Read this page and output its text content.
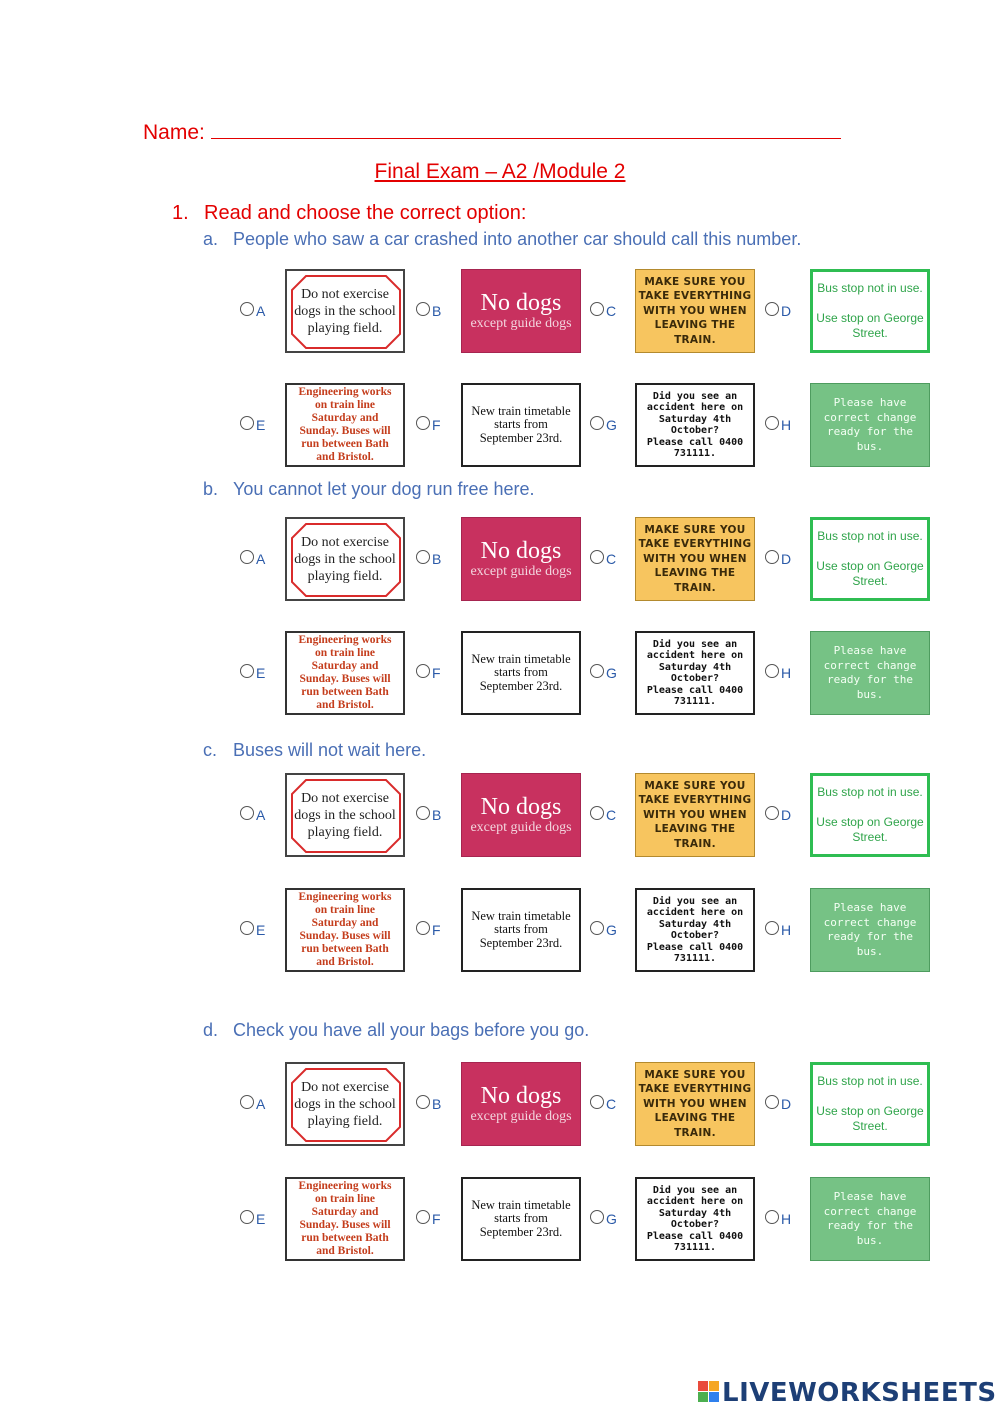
Name:
Final Exam – A2 /Module 2
1. Read and choose the correct option:
a. People who saw a car crashed into another car should call this number.
b. You cannot let your dog run free here.
c. Buses will not wait here.
d. Check you have all your bags before you go.
A
Do not exercise
dogs in the school
playing field.
B No dogs
except guide dogs
C
MAKE SURE YOU
TAKE EVERYTHING
WITH YOU WHEN
LEAVING THE
TRAIN.
D
Bus stop not in use.
Use stop on George
Street.
E
Engineering works
on train line
Saturday and
Sunday. Buses will
run between Bath
and Bristol.
F
New train timetable
starts from
September 23rd.
G
Did you see an
accident here on
Saturday 4th
October?
Please call 0400
731111.
H
Please have
correct change
ready for the bus.
A
Do not exercise
dogs in the school
playing field.
B No dogs
except guide dogs
C
MAKE SURE YOU
TAKE EVERYTHING
WITH YOU WHEN
LEAVING THE
TRAIN.
D
Bus stop not in use.
Use stop on George
Street.
E
Engineering works
on train line
Saturday and
Sunday. Buses will
run between Bath
and Bristol.
F
New train timetable
starts from
September 23rd.
G
Did you see an
accident here on
Saturday 4th
October?
Please call 0400
731111.
H
Please have
correct change
ready for the bus.
A
Do not exercise
dogs in the school
playing field.
B No dogs
except guide dogs
C
MAKE SURE YOU
TAKE EVERYTHING
WITH YOU WHEN
LEAVING THE
TRAIN.
D
Bus stop not in use.
Use stop on George
Street.
E
Engineering works
on train line
Saturday and
Sunday. Buses will
run between Bath
and Bristol.
F
New train timetable
starts from
September 23rd.
G
Did you see an
accident here on
Saturday 4th
October?
Please call 0400
731111.
H
Please have
correct change
ready for the bus.
A
Do not exercise
dogs in the school
playing field.
B No dogs
except guide dogs
C
MAKE SURE YOU
TAKE EVERYTHING
WITH YOU WHEN
LEAVING THE
TRAIN.
D
Bus stop not in use.
Use stop on George
Street.
E
Engineering works
on train line
Saturday and
Sunday. Buses will
run between Bath
and Bristol.
F
New train timetable
starts from
September 23rd.
G
Did you see an
accident here on
Saturday 4th
October?
Please call 0400
731111.
H
Please have
correct change
ready for the bus.
LIVEWORKSHEETS
